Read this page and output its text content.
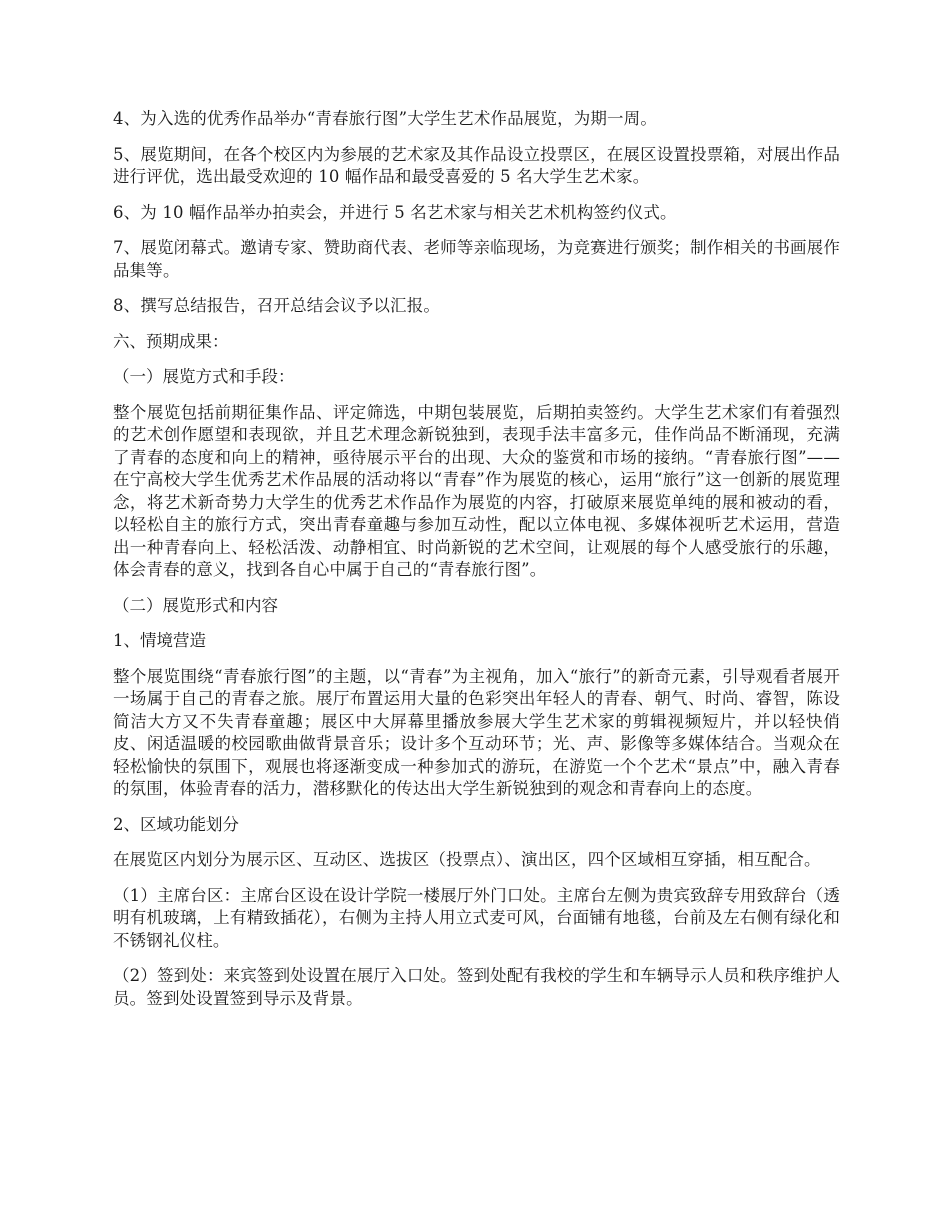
4、为入选的优秀作品举办“青春旅行图”大学生艺术作品展览，为期一周。

5、展览期间，在各个校区内为参展的艺术家及其作品设立投票区，在展区设置投票箱，对展出作品进行评优，选出最受欢迎的 10 幅作品和最受喜爱的 5 名大学生艺术家。

6、为 10 幅作品举办拍卖会，并进行 5 名艺术家与相关艺术机构签约仪式。

7、展览闭幕式。邀请专家、赞助商代表、老师等亲临现场，为竞赛进行颁奖；制作相关的书画展作品集等。

8、撰写总结报告，召开总结会议予以汇报。

六、预期成果：

（一）展览方式和手段：

整个展览包括前期征集作品、评定筛选，中期包装展览，后期拍卖签约。大学生艺术家们有着强烈的艺术创作愿望和表现欲，并且艺术理念新锐独到，表现手法丰富多元，佳作尚品不断涌现，充满了青春的态度和向上的精神，亟待展示平台的出现、大众的鉴赏和市场的接纳。“青春旅行图”——在宁高校大学生优秀艺术作品展的活动将以“青春”作为展览的核心，运用“旅行”这一创新的展览理念，将艺术新奇势力大学生的优秀艺术作品作为展览的内容，打破原来展览单纯的展和被动的看，以轻松自主的旅行方式，突出青春童趣与参加互动性，配以立体电视、多媒体视听艺术运用，营造出一种青春向上、轻松活泼、动静相宜、时尚新锐的艺术空间，让观展的每个人感受旅行的乐趣，体会青春的意义，找到各自心中属于自己的“青春旅行图”。

（二）展览形式和内容

1、情境营造

整个展览围绕“青春旅行图”的主题，以“青春”为主视角，加入“旅行”的新奇元素，引导观看者展开一场属于自己的青春之旅。展厅布置运用大量的色彩突出年轻人的青春、朝气、时尚、睿智，陈设简洁大方又不失青春童趣；展区中大屏幕里播放参展大学生艺术家的剪辑视频短片，并以轻快俏皮、闲适温暖的校园歌曲做背景音乐；设计多个互动环节；光、声、影像等多媒体结合。当观众在轻松愉快的氛围下，观展也将逐渐变成一种参加式的游玩，在游览一个个艺术“景点”中，融入青春的氛围，体验青春的活力，潜移默化的传达出大学生新锐独到的观念和青春向上的态度。

2、区域功能划分

在展览区内划分为展示区、互动区、选拔区（投票点）、演出区，四个区域相互穿插，相互配合。

（1）主席台区：主席台区设在设计学院一楼展厅外门口处。主席台左侧为贵宾致辞专用致辞台（透明有机玻璃，上有精致插花），右侧为主持人用立式麦可风，台面铺有地毯，台前及左右侧有绿化和不锈钢礼仪柱。

（2）签到处：来宾签到处设置在展厅入口处。签到处配有我校的学生和车辆导示人员和秩序维护人员。签到处设置签到导示及背景。
